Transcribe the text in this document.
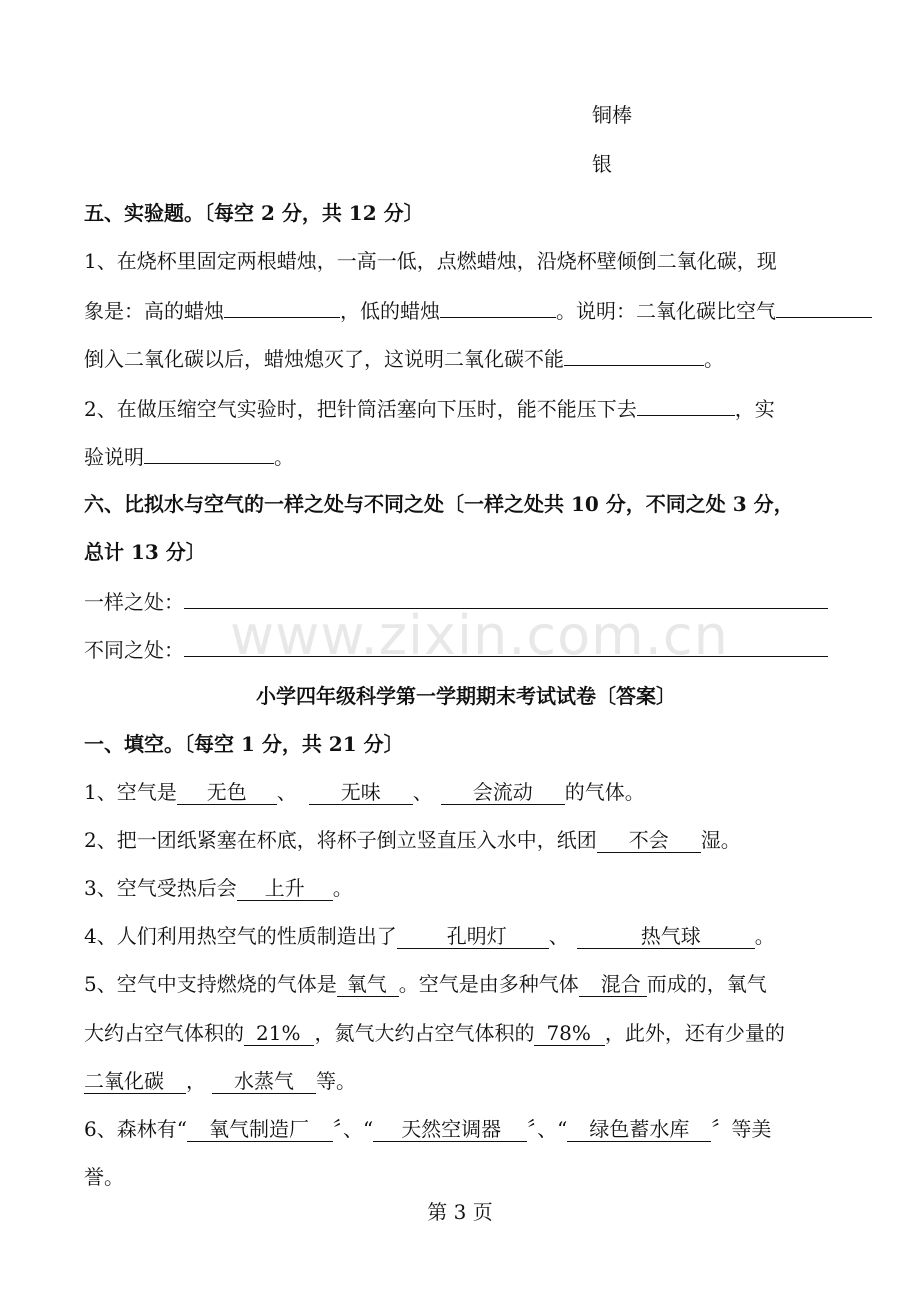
铜棒
银
五、实验题。〔每空 2 分，共 12 分〕
1、在烧杯里固定两根蜡烛，一高一低，点燃蜡烛，沿烧杯壁倾倒二氧化碳，现
象是：高的蜡烛	，低的蜡烛	。说明：二氧化碳比空气
倒入二氧化碳以后，蜡烛熄灭了，这说明二氧化碳不能	。
2、在做压缩空气实验时，把针筒活塞向下压时，能不能压下去	，实
验说明	。
六、比拟水与空气的一样之处与不同之处〔一样之处共 10 分，不同之处 3 分，
总计 13 分〕
一样之处：
不同之处： www.zixin.com.cn
小学四年级科学第一学期期末考试试卷〔答案〕
一、填空。〔每空 1 分，共 21 分〕
1、空气是 无色 、 无味 、 会流动 的气体。
2、把一团纸紧塞在杯底，将杯子倒立竖直压入水中，纸团 不会 湿。
3、空气受热后会 上升 。
4、人们利用热空气的性质制造出了	孔明灯 、	热气球	。
5、空气中支持燃烧的气体是 氧气 。空气是由多种气体 混合 而成的，氧气
大约占空气体积的 21% ，氮气大约占空气体积的 78% ，此外，还有少量的
二氧化碳 ， 水蒸气 等。
6、森林有“ 氧气制造厂 〞、“ 天然空调器 〞、“ 绿色蓄水库 〞等美
誉。
第 3 页
